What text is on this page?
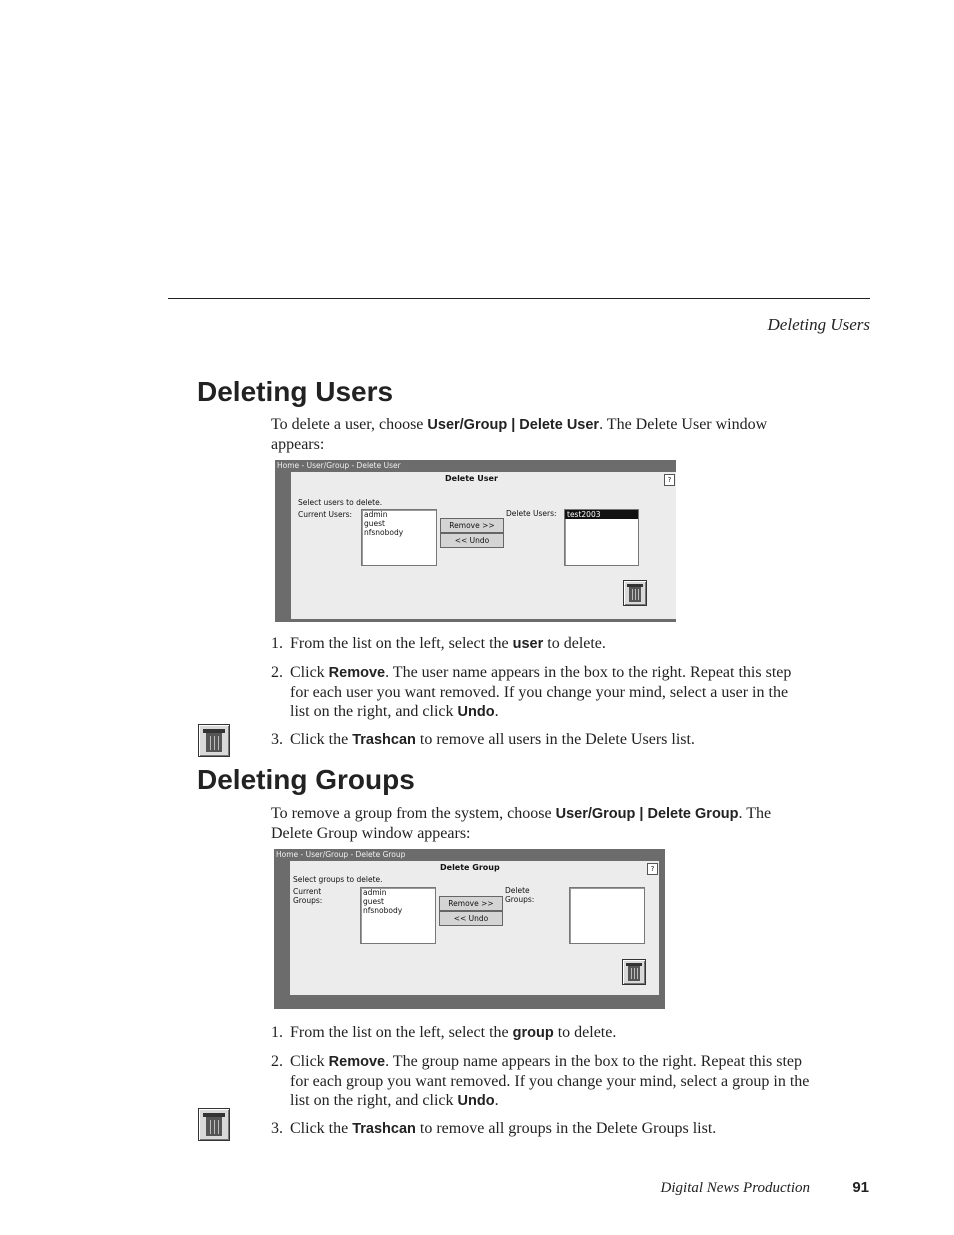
Deleting Users
Deleting Users
To delete a user, choose User/Group | Delete User. The Delete User window appears:
Home - User/Group - Delete User
Delete User	?
Select users to delete.
Current Users: admin
guest
nfsnobody
Remove >>
<< Undo
Delete Users: test2003
1. From the list on the left, select the user to delete.
2. Click Remove. The user name appears in the box to the right. Repeat this step for each user you want removed. If you change your mind, select a user in the list on the right, and click Undo.
3. Click the Trashcan to remove all users in the Delete Users list.
Deleting Groups
To remove a group from the system, choose User/Group | Delete Group. The Delete Group window appears:
Home - User/Group - Delete Group
Delete Group	?
Select groups to delete.
Current
Groups:
admin
guest
nfsnobody
Remove >>
<< Undo
Delete
Groups:
1. From the list on the left, select the group to delete.
2. Click Remove. The group name appears in the box to the right. Repeat this step for each group you want removed. If you change your mind, select a group in the list on the right, and click Undo.
3. Click the Trashcan to remove all groups in the Delete Groups list.
Digital News Production	91
